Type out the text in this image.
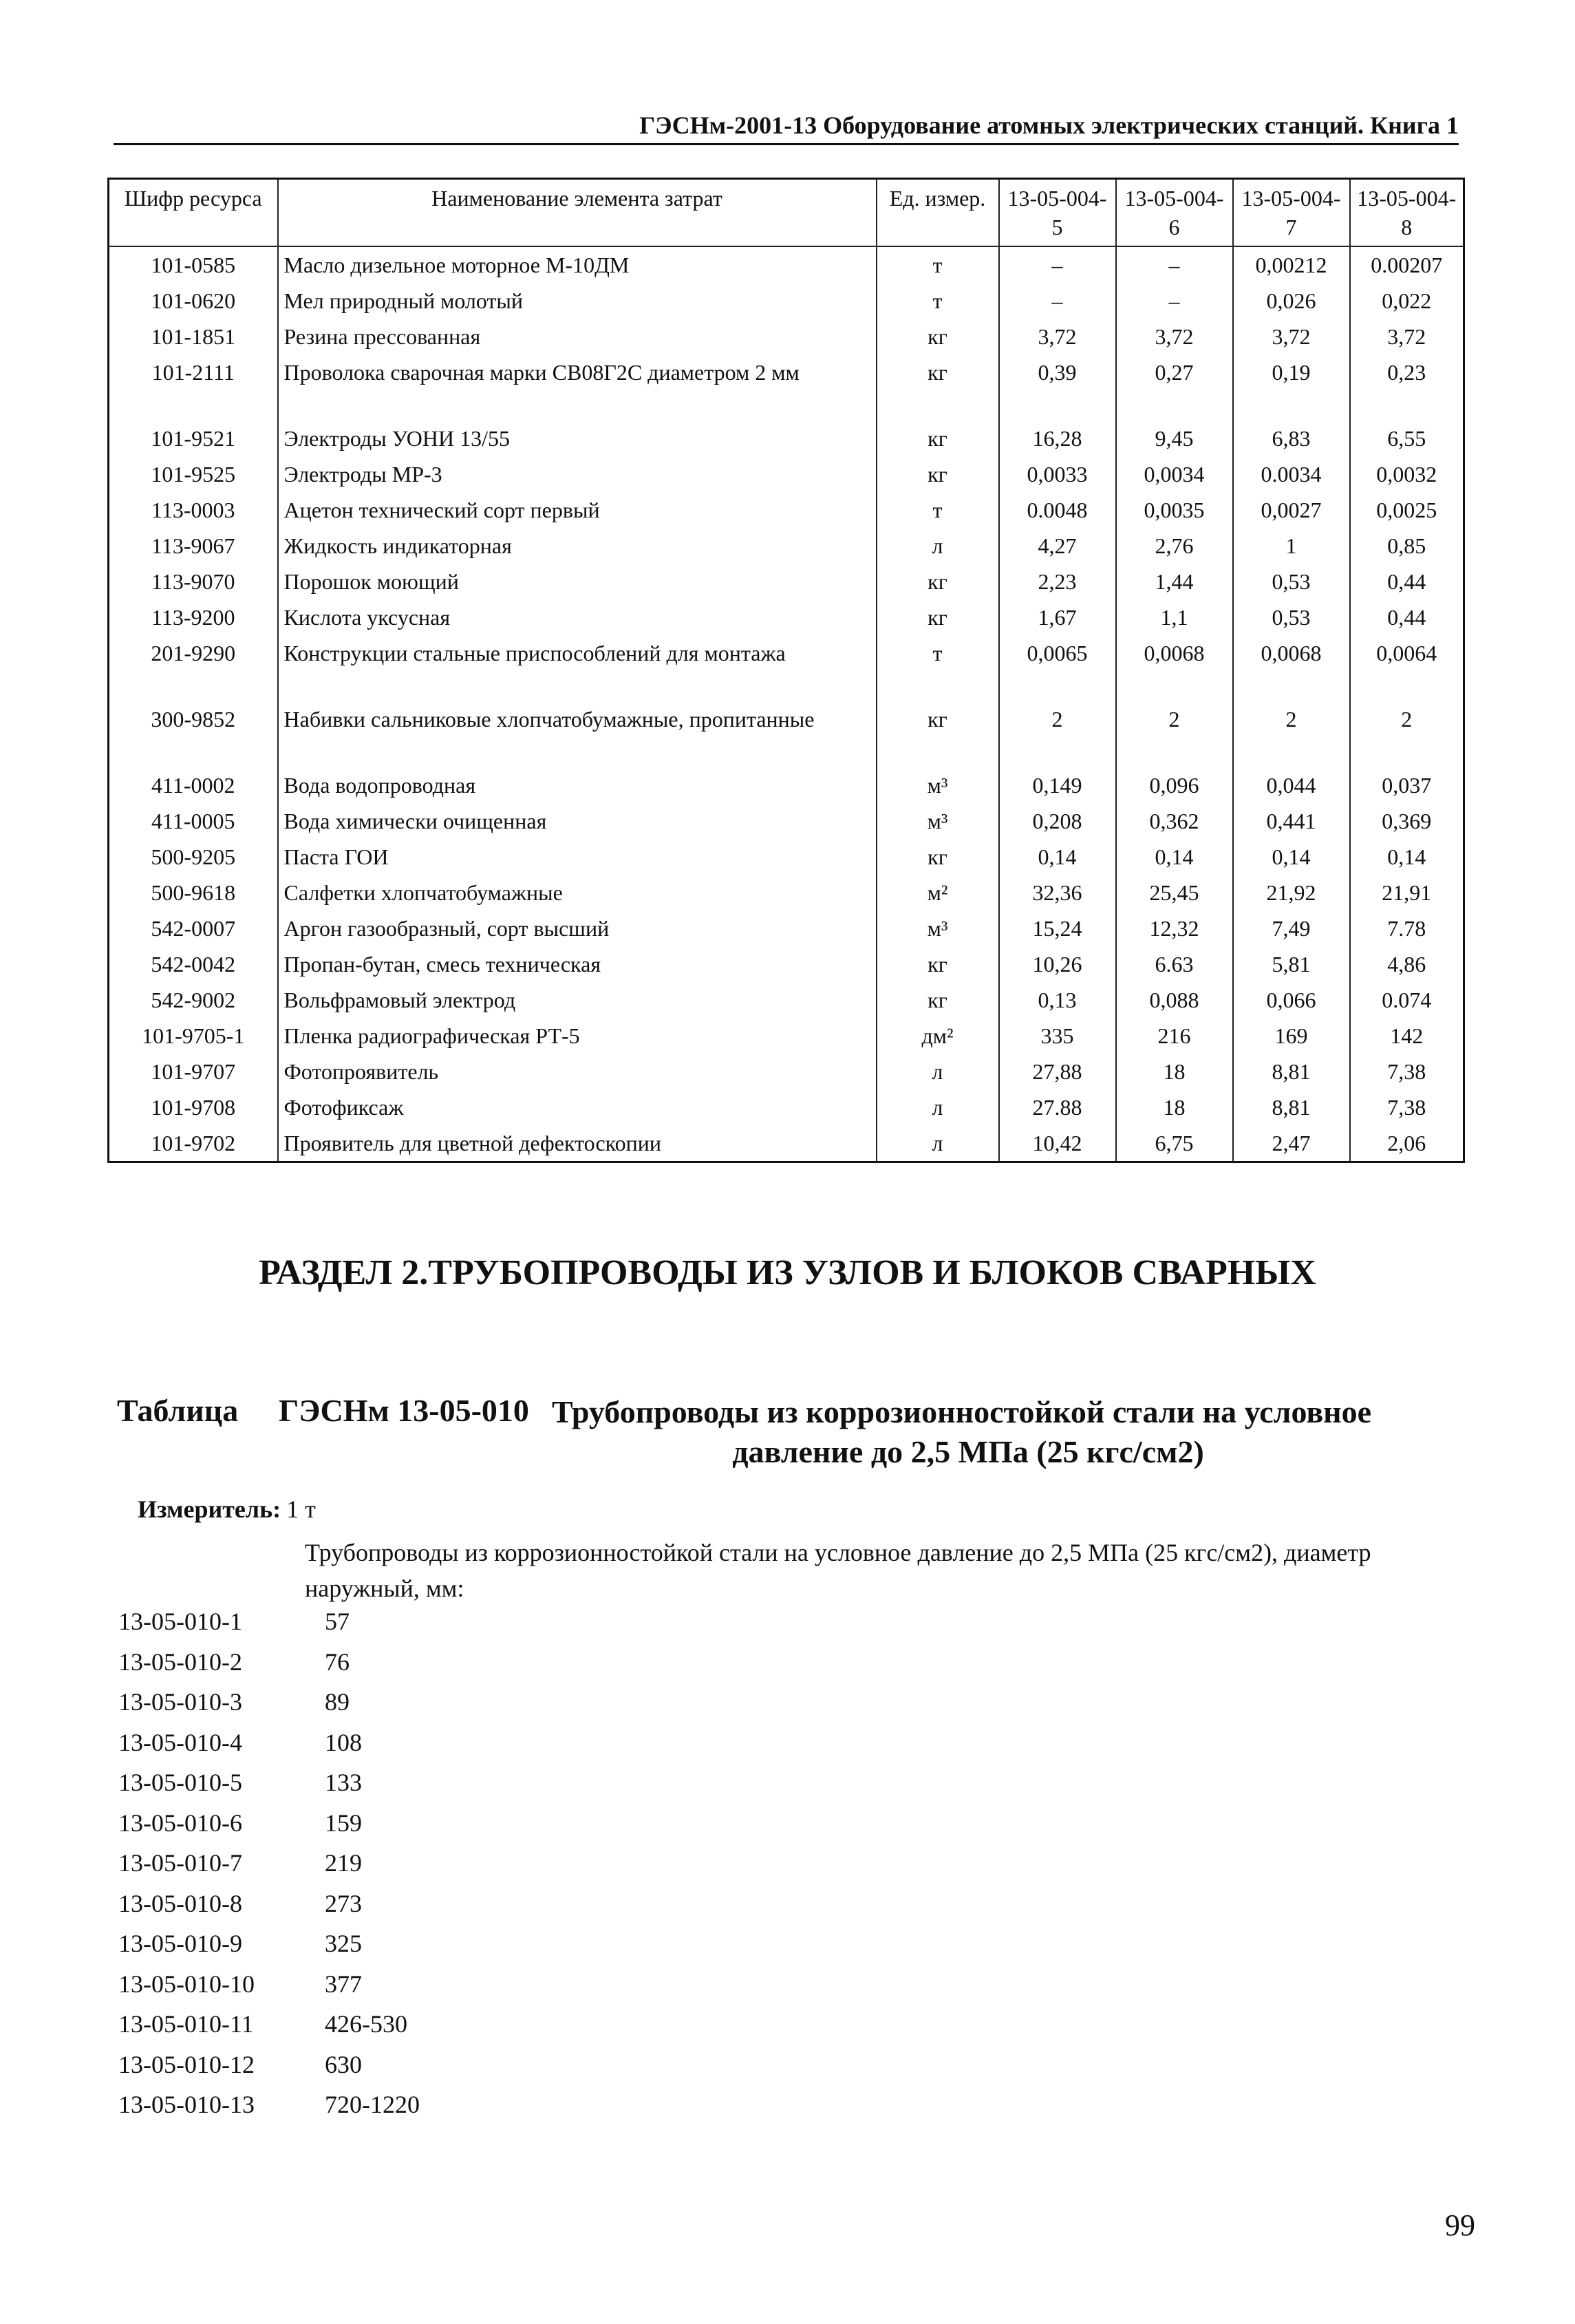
ГЭСНм-2001-13 Оборудование атомных электрических станций. Книга 1
Шифр ресурса	Наименование элемента затрат	Ед. измер.	13-05-004-5	13-05-004-6	13-05-004-7	13-05-004-8
101-0585	Масло дизельное моторное М-10ДМ	т	–	–	0,00212	0.00207
101-0620	Мел природный молотый	т	–	–	0,026	0,022
101-1851	Резина прессованная	кг	3,72	3,72	3,72	3,72
101-2111	Проволока сварочная марки СВ08Г2С диаметром 2 мм	кг	0,39	0,27	0,19	0,23
101-9521	Электроды УОНИ 13/55	кг	16,28	9,45	6,83	6,55
101-9525	Электроды МР-3	кг	0,0033	0,0034	0.0034	0,0032
113-0003	Ацетон технический сорт первый	т	0.0048	0,0035	0,0027	0,0025
113-9067	Жидкость индикаторная	л	4,27	2,76	1	0,85
113-9070	Порошок моющий	кг	2,23	1,44	0,53	0,44
113-9200	Кислота уксусная	кг	1,67	1,1	0,53	0,44
201-9290	Конструкции стальные приспособлений для монтажа	т	0,0065	0,0068	0,0068	0,0064
300-9852	Набивки сальниковые хлопчатобумажные, пропитанные	кг	2	2	2	2
411-0002	Вода водопроводная	м³	0,149	0,096	0,044	0,037
411-0005	Вода химически очищенная	м³	0,208	0,362	0,441	0,369
500-9205	Паста ГОИ	кг	0,14	0,14	0,14	0,14
500-9618	Салфетки хлопчатобумажные	м²	32,36	25,45	21,92	21,91
542-0007	Аргон газообразный, сорт высший	м³	15,24	12,32	7,49	7.78
542-0042	Пропан-бутан, смесь техническая	кг	10,26	6.63	5,81	4,86
542-9002	Вольфрамовый электрод	кг	0,13	0,088	0,066	0.074
101-9705-1	Пленка радиографическая РТ-5	дм²	335	216	169	142
101-9707	Фотопроявитель	л	27,88	18	8,81	7,38
101-9708	Фотофиксаж	л	27.88	18	8,81	7,38
101-9702	Проявитель для цветной дефектоскопии	л	10,42	6,75	2,47	2,06
РАЗДЕЛ 2.ТРУБОПРОВОДЫ ИЗ УЗЛОВ И БЛОКОВ СВАРНЫХ
Таблица ГЭСНм 13-05-010 Трубопроводы из коррозионностойкой стали на условное
давление до 2,5 МПа (25 кгс/см2)
Измеритель: 1 т
Трубопроводы из коррозионностойкой стали на условное давление до 2,5 МПа (25 кгс/см2), диаметр наружный, мм:
13-05-010-1	57
13-05-010-2	76
13-05-010-3	89
13-05-010-4	108
13-05-010-5	133
13-05-010-6	159
13-05-010-7	219
13-05-010-8	273
13-05-010-9	325
13-05-010-10	377
13-05-010-11	426-530
13-05-010-12	630
13-05-010-13	720-1220
99
